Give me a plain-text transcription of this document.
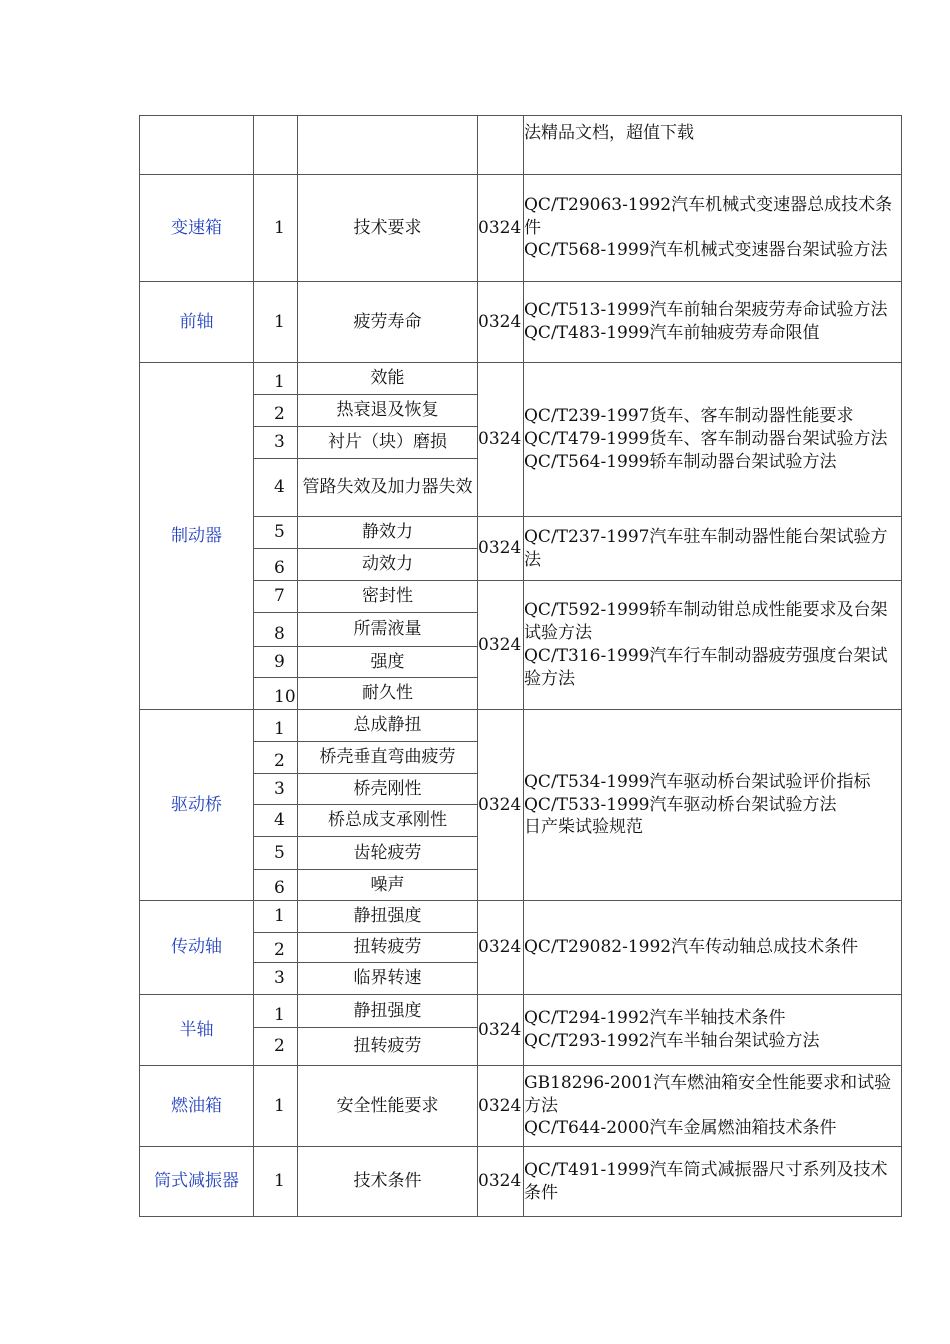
				法精品文档，超值下载

变速箱	1	技术要求	0324	QC/T29063-1992汽车机械式变速器总成技术条件
QC/T568-1999汽车机械式变速器台架试验方法

前轴	1	疲劳寿命	0324	QC/T513-1999汽车前轴台架疲劳寿命试验方法
QC/T483-1999汽车前轴疲劳寿命限值

制动器	1	效能	0324	QC/T239-1997货车、客车制动器性能要求
QC/T479-1999货车、客车制动器台架试验方法
QC/T564-1999轿车制动器台架试验方法

	2	热衰退及恢复		

	3	衬片（块）磨损		

	4	管路失效及加力器失效		

	5	静效力	0324	QC/T237-1997汽车驻车制动器性能台架试验方法

	6	动效力		

	7	密封性	0324	QC/T592-1999轿车制动钳总成性能要求及台架试验方法
QC/T316-1999汽车行车制动器疲劳强度台架试验方法

	8	所需液量		

	9	强度		

	10	耐久性		
驱动桥	1	总成静扭	0324	QC/T534-1999汽车驱动桥台架试验评价指标
QC/T533-1999汽车驱动桥台架试验方法
日产柴试验规范

	2	桥壳垂直弯曲疲劳		

	3	桥壳刚性		

	4	桥总成支承刚性		

	5	齿轮疲劳		

	6	噪声		
传动轴	1	静扭强度	0324	QC/T29082-1992汽车传动轴总成技术条件

	2	扭转疲劳		

	3	临界转速		
半轴	1	静扭强度	0324	QC/T294-1992汽车半轴技术条件
QC/T293-1992汽车半轴台架试验方法

	2	扭转疲劳		
燃油箱	1	安全性能要求	0324	GB18296-2001汽车燃油箱安全性能要求和试验方法
QC/T644-2000汽车金属燃油箱技术条件

筒式减振器	1	技术条件	0324	QC/T491-1999汽车筒式减振器尺寸系列及技术条件
